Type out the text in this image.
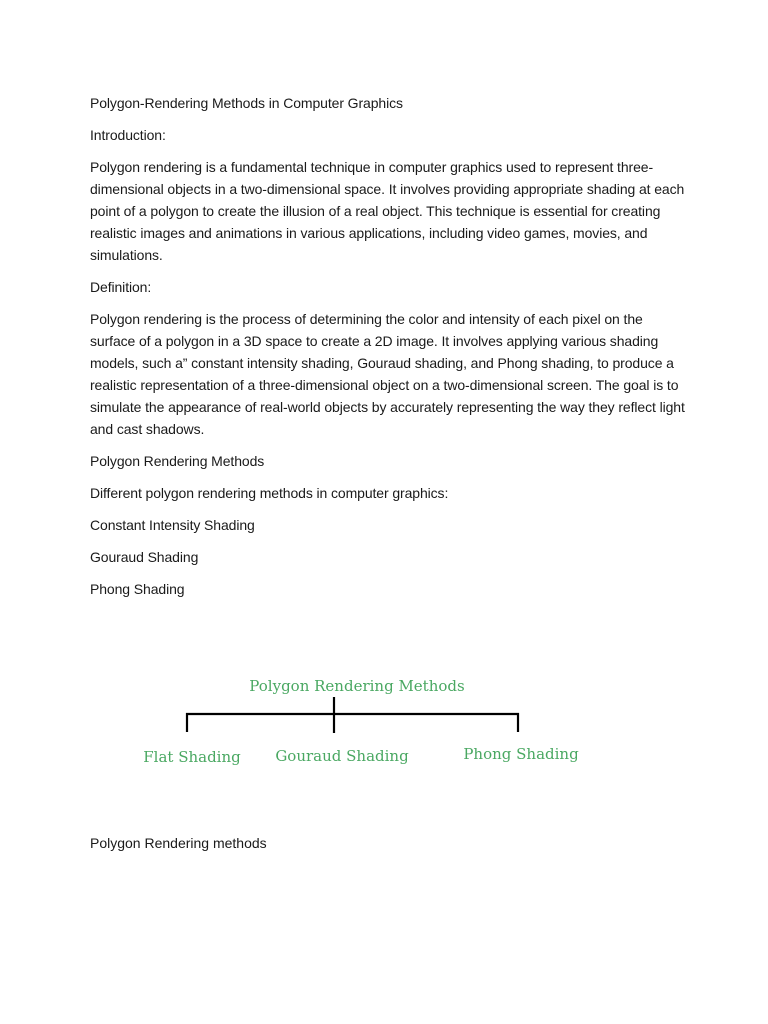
Polygon-Rendering Methods in Computer Graphics

Introduction:

Polygon rendering is a fundamental technique in computer graphics used to represent three-dimensional objects in a two-dimensional space. It involves providing appropriate shading at each point of a polygon to create the illusion of a real object. This technique is essential for creating realistic images and animations in various applications, including video games, movies, and simulations.

Definition:

Polygon rendering is the process of determining the color and intensity of each pixel on the surface of a polygon in a 3D space to create a 2D image. It involves applying various shading models, such a” constant intensity shading, Gouraud shading, and Phong shading, to produce a realistic representation of a three-dimensional object on a two-dimensional screen. The goal is to simulate the appearance of real-world objects by accurately representing the way they reflect light and cast shadows.

Polygon Rendering Methods

Different polygon rendering methods in computer graphics:

Constant Intensity Shading

Gouraud Shading

Phong Shading

Polygon Rendering Methods
Flat Shading Gouraud Shading	Phong Shading

Polygon Rendering methods
